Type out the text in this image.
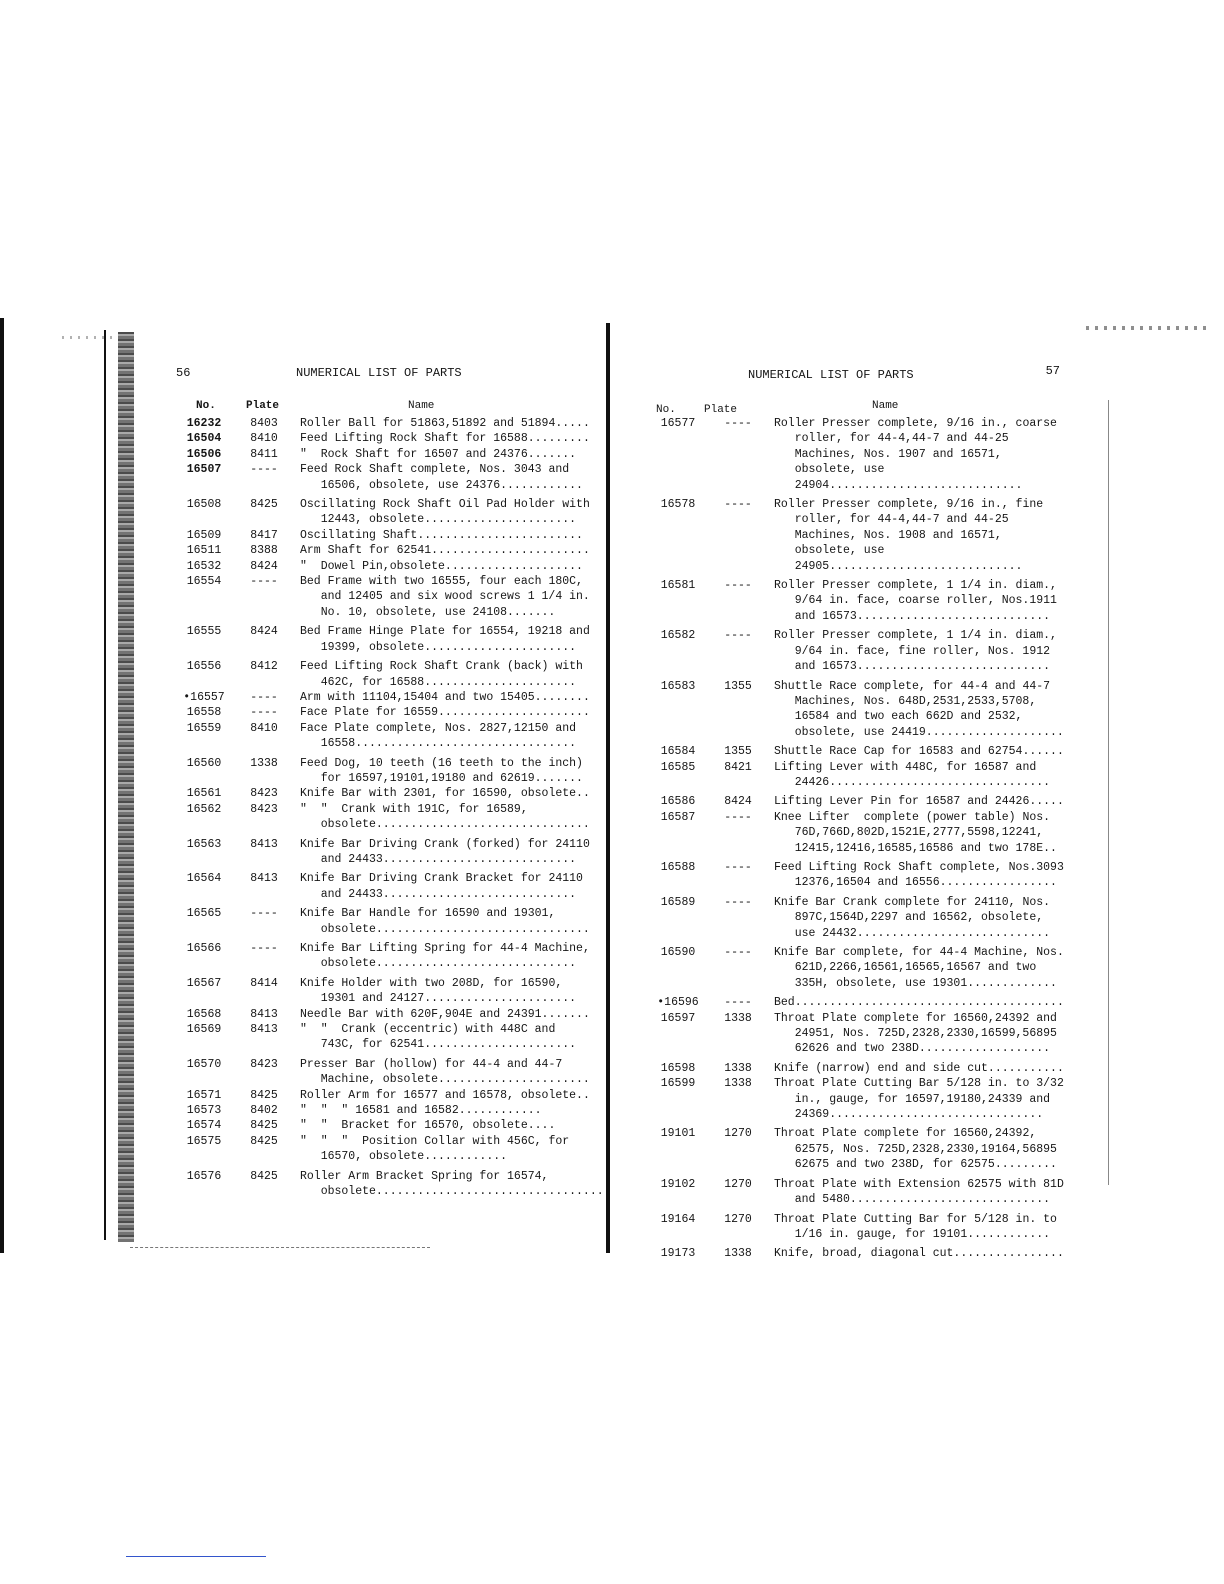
56	NUMERICAL LIST OF PARTS
No.	Plate	Name
16232	8403	Roller Ball for 51863,51892 and 51894.....
16504	8410	Feed Lifting Rock Shaft for 16588.........
16506	8411	"  Rock Shaft for 16507 and 24376.......
16507	----	Feed Rock Shaft complete, Nos. 3043 and 16506, obsolete, use 24376............
16508	8425	Oscillating Rock Shaft Oil Pad Holder with 12443, obsolete......................
16509	8417	Oscillating Shaft........................
16511	8388	Arm Shaft for 62541.......................
16532	8424	"  Dowel Pin,obsolete....................
16554	----	Bed Frame with two 16555, four each 180C, and 12405 and six wood screws 1 1/4 in. No. 10, obsolete, use 24108.......
16555	8424	Bed Frame Hinge Plate for 16554, 19218 and 19399, obsolete......................
16556	8412	Feed Lifting Rock Shaft Crank (back) with 462C, for 16588......................
•16557	----	Arm with 11104,15404 and two 15405........
16558	----	Face Plate for 16559......................
16559	8410	Face Plate complete, Nos. 2827,12150 and 16558................................
16560	1338	Feed Dog, 10 teeth (16 teeth to the inch) for 16597,19101,19180 and 62619.......
16561	8423	Knife Bar with 2301, for 16590, obsolete..
16562	8423	"  "  Crank with 191C, for 16589, obsolete...............................
16563	8413	Knife Bar Driving Crank (forked) for 24110 and 24433............................
16564	8413	Knife Bar Driving Crank Bracket for 24110 and 24433............................
16565	----	Knife Bar Handle for 16590 and 19301, obsolete...............................
16566	----	Knife Bar Lifting Spring for 44-4 Machine, obsolete.............................
16567	8414	Knife Holder with two 208D, for 16590, 19301 and 24127......................
16568	8413	Needle Bar with 620F,904E and 24391.......
16569	8413	"  "  Crank (eccentric) with 448C and 743C, for 62541......................
16570	8423	Presser Bar (hollow) for 44-4 and 44-7 Machine, obsolete......................
16571	8425	Roller Arm for 16577 and 16578, obsolete..
16573	8402	"  "  " 16581 and 16582............
16574	8425	"  "  Bracket for 16570, obsolete....
16575	8425	"  "  "  Position Collar with 456C, for 16570, obsolete............
16576	8425	Roller Arm Bracket Spring for 16574, obsolete.................................
NUMERICAL LIST OF PARTS	57
No.	Plate	Name
16577	----	Roller Presser complete, 9/16 in., coarse roller, for 44-4,44-7 and 44-25 Machines, Nos. 1907 and 16571, obsolete, use 24904............................
16578	----	Roller Presser complete, 9/16 in., fine roller, for 44-4,44-7 and 44-25 Machines, Nos. 1908 and 16571, obsolete, use 24905............................
16581	----	Roller Presser complete, 1 1/4 in. diam., 9/64 in. face, coarse roller, Nos.1911 and 16573............................
16582	----	Roller Presser complete, 1 1/4 in. diam., 9/64 in. face, fine roller, Nos. 1912 and 16573............................
16583	1355	Shuttle Race complete, for 44-4 and 44-7 Machines, Nos. 648D,2531,2533,5708, 16584 and two each 662D and 2532, obsolete, use 24419....................
16584	1355	Shuttle Race Cap for 16583 and 62754......
16585	8421	Lifting Lever with 448C, for 16587 and 24426................................
16586	8424	Lifting Lever Pin for 16587 and 24426.....
16587	----	Knee Lifter  complete (power table) Nos. 76D,766D,802D,1521E,2777,5598,12241, 12415,12416,16585,16586 and two 178E..
16588	----	Feed Lifting Rock Shaft complete, Nos.3093 12376,16504 and 16556.................
16589	----	Knife Bar Crank complete for 24110, Nos. 897C,1564D,2297 and 16562, obsolete, use 24432............................
16590	----	Knife Bar complete, for 44-4 Machine, Nos. 621D,2266,16561,16565,16567 and two 335H, obsolete, use 19301.............
•16596	----	Bed.......................................
16597	1338	Throat Plate complete for 16560,24392 and 24951, Nos. 725D,2328,2330,16599,56895 62626 and two 238D...................
16598	1338	Knife (narrow) end and side cut...........
16599	1338	Throat Plate Cutting Bar 5/128 in. to 3/32 in., gauge, for 16597,19180,24339 and 24369...............................
19101	1270	Throat Plate complete for 16560,24392, 62575, Nos. 725D,2328,2330,19164,56895 62675 and two 238D, for 62575.........
19102	1270	Throat Plate with Extension 62575 with 81D and 5480.............................
19164	1270	Throat Plate Cutting Bar for 5/128 in. to 1/16 in. gauge, for 19101............
19173	1338	Knife, broad, diagonal cut................
